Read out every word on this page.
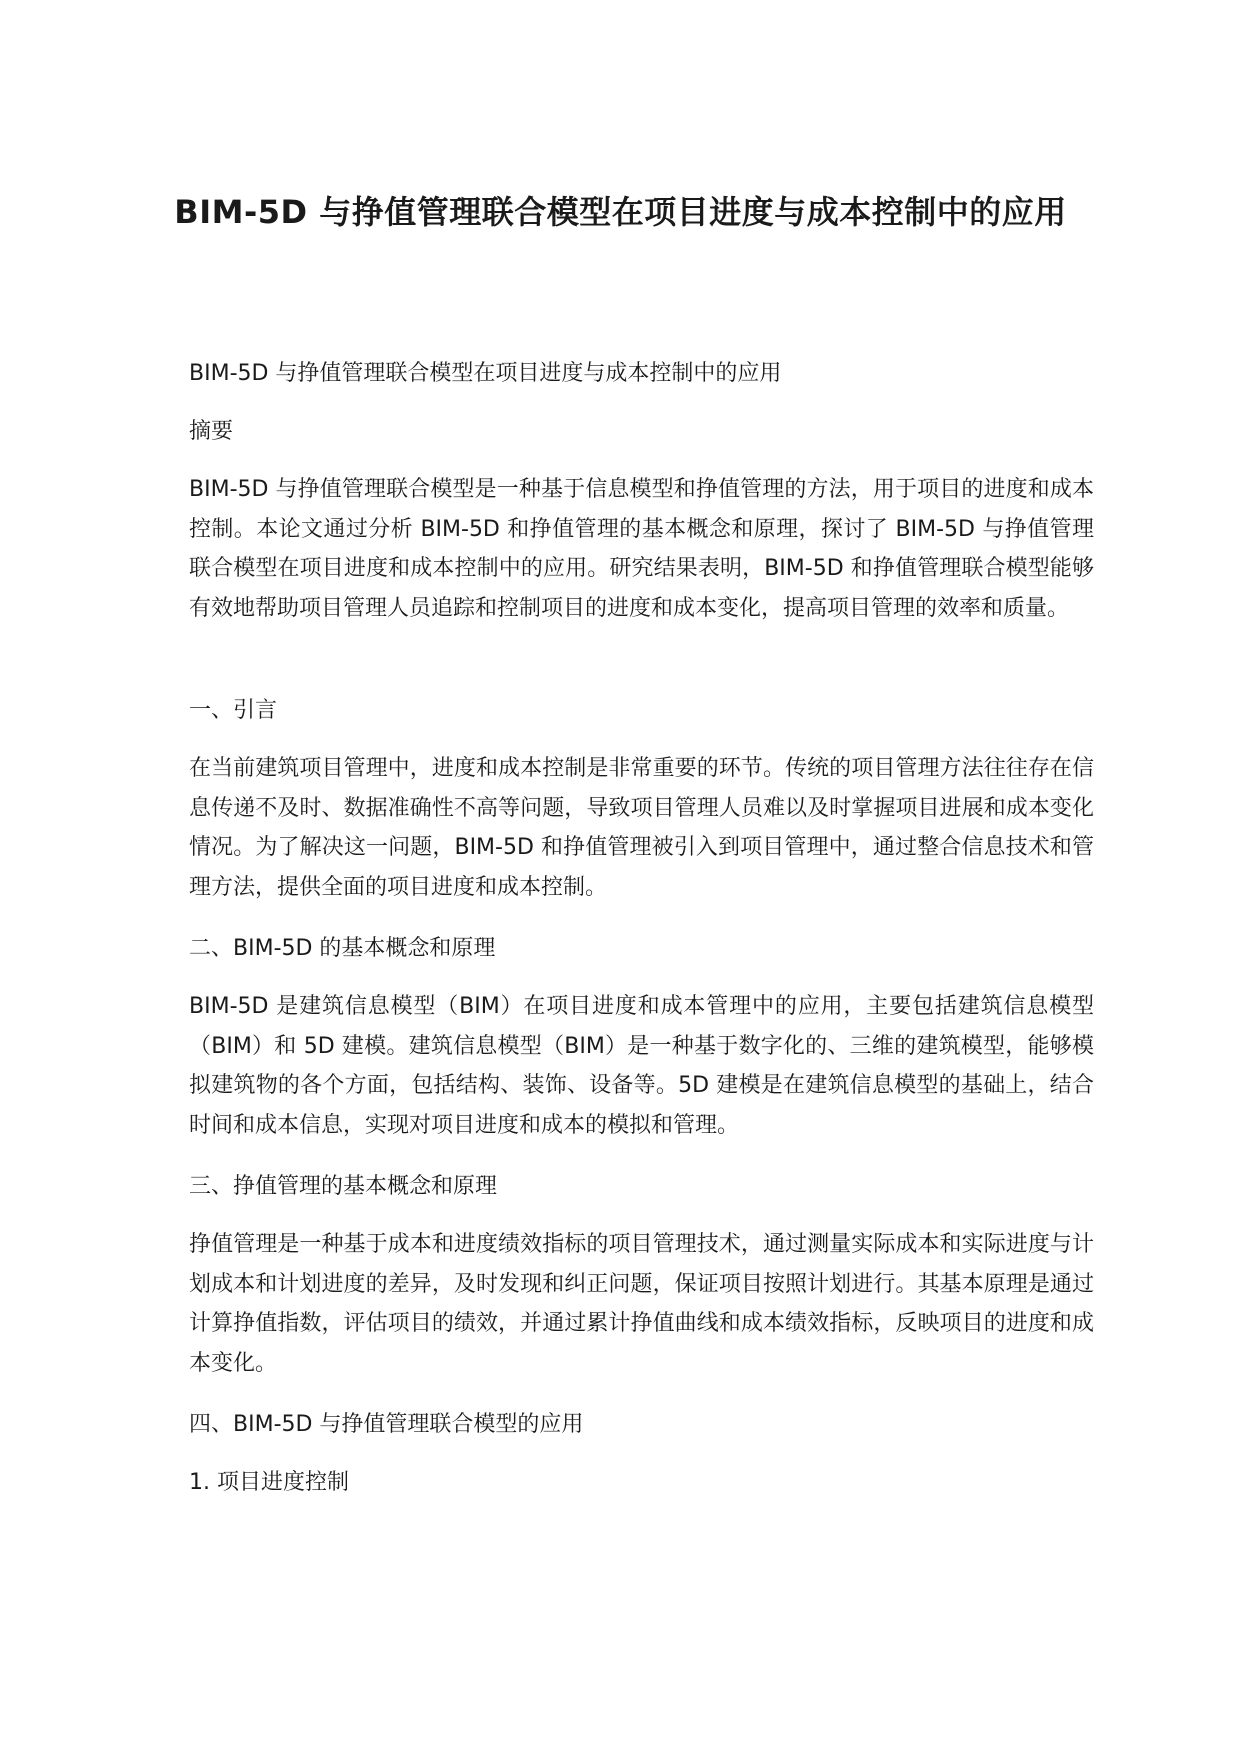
BIM-5D 与挣值管理联合模型在项目进度与成本控制中的应用

BIM-5D 与挣值管理联合模型在项目进度与成本控制中的应用

摘要

BIM-5D 与挣值管理联合模型是一种基于信息模型和挣值管理的方法，用于项目的进度和成本控制。本论文通过分析 BIM-5D 和挣值管理的基本概念和原理，探讨了 BIM-5D 与挣值管理联合模型在项目进度和成本控制中的应用。研究结果表明，BIM-5D 和挣值管理联合模型能够有效地帮助项目管理人员追踪和控制项目的进度和成本变化，提高项目管理的效率和质量。

一、引言

在当前建筑项目管理中，进度和成本控制是非常重要的环节。传统的项目管理方法往往存在信息传递不及时、数据准确性不高等问题，导致项目管理人员难以及时掌握项目进展和成本变化情况。为了解决这一问题，BIM-5D 和挣值管理被引入到项目管理中，通过整合信息技术和管理方法，提供全面的项目进度和成本控制。

二、BIM-5D 的基本概念和原理

BIM-5D 是建筑信息模型（BIM）在项目进度和成本管理中的应用，主要包括建筑信息模型（BIM）和 5D 建模。建筑信息模型（BIM）是一种基于数字化的、三维的建筑模型，能够模拟建筑物的各个方面，包括结构、装饰、设备等。5D 建模是在建筑信息模型的基础上，结合时间和成本信息，实现对项目进度和成本的模拟和管理。

三、挣值管理的基本概念和原理

挣值管理是一种基于成本和进度绩效指标的项目管理技术，通过测量实际成本和实际进度与计划成本和计划进度的差异，及时发现和纠正问题，保证项目按照计划进行。其基本原理是通过计算挣值指数，评估项目的绩效，并通过累计挣值曲线和成本绩效指标，反映项目的进度和成本变化。

四、BIM-5D 与挣值管理联合模型的应用

1. 项目进度控制
